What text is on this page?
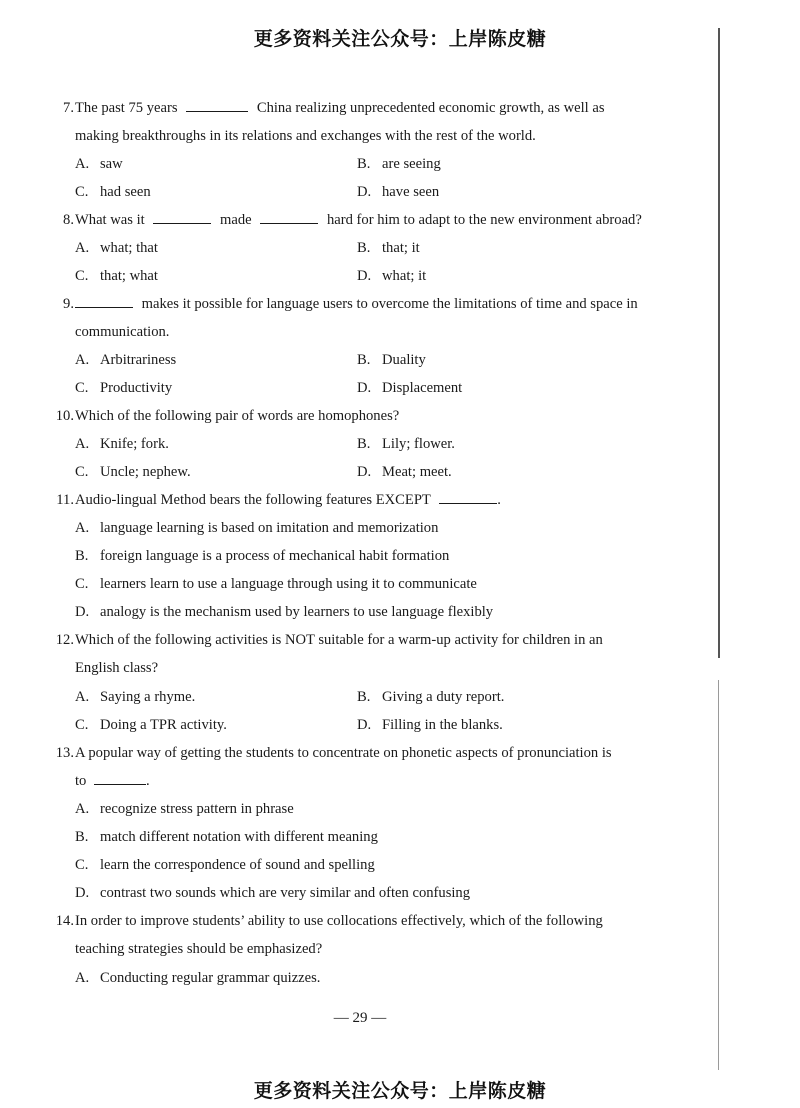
更多资料关注公众号：上岸陈皮糖
7. The past 75 years	China realizing unprecedented economic growth, as well as
making breakthroughs in its relations and exchanges with the rest of the world.
A. saw	B. are seeing
C. had seen	D. have seen
8. What was it	made	hard for him to adapt to the new environment abroad?
A. what; that	B. that; it
C. that; what	D. what; it
9.	makes it possible for language users to overcome the limitations of time and space in
communication.
A. Arbitrariness	B. Duality
C. Productivity	D. Displacement
10. Which of the following pair of words are homophones?
A. Knife; fork.	B. Lily; flower.
C. Uncle; nephew.	D. Meat; meet.
11. Audio-lingual Method bears the following features EXCEPT	.
A. language learning is based on imitation and memorization
B. foreign language is a process of mechanical habit formation
C. learners learn to use a language through using it to communicate
D. analogy is the mechanism used by learners to use language flexibly
12. Which of the following activities is NOT suitable for a warm-up activity for children in an
English class?
A. Saying a rhyme.	B. Giving a duty report.
C. Doing a TPR activity.	D. Filling in the blanks.
13. A popular way of getting the students to concentrate on phonetic aspects of pronunciation is
to	.
A. recognize stress pattern in phrase
B. match different notation with different meaning
C. learn the correspondence of sound and spelling
D. contrast two sounds which are very similar and often confusing
14. In order to improve students’ ability to use collocations effectively, which of the following
teaching strategies should be emphasized?
A. Conducting regular grammar quizzes.
— 29 —
更多资料关注公众号：上岸陈皮糖
